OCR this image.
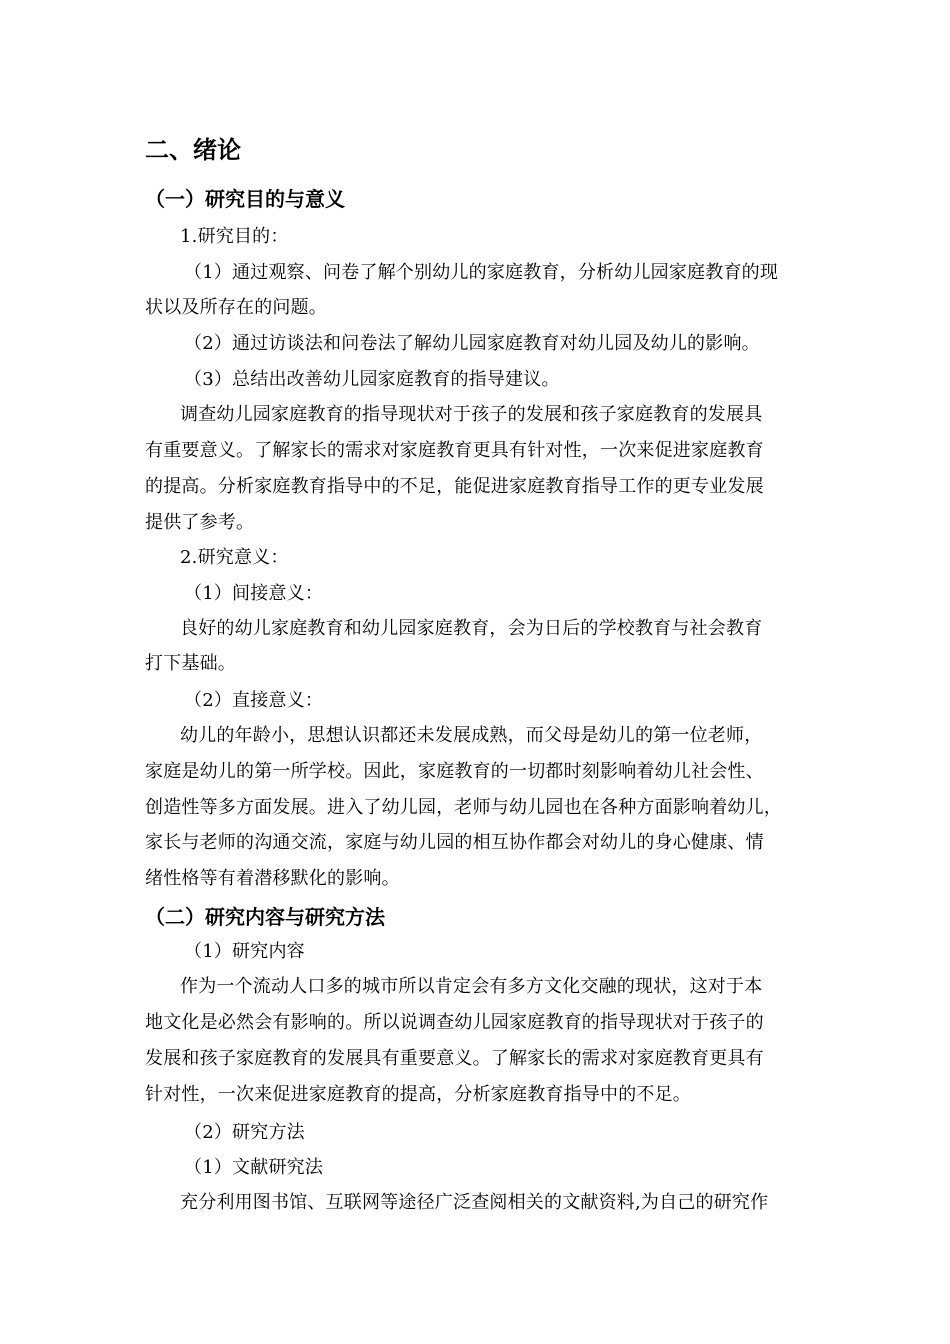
二、绪论
（一）研究目的与意义
1.研究目的：
（1）通过观察、问卷了解个别幼儿的家庭教育，分析幼儿园家庭教育的现
状以及所存在的问题。
（2）通过访谈法和问卷法了解幼儿园家庭教育对幼儿园及幼儿的影响。
（3）总结出改善幼儿园家庭教育的指导建议。
调查幼儿园家庭教育的指导现状对于孩子的发展和孩子家庭教育的发展具
有重要意义。了解家长的需求对家庭教育更具有针对性，一次来促进家庭教育
的提高。分析家庭教育指导中的不足，能促进家庭教育指导工作的更专业发展
提供了参考。
2.研究意义：
（1）间接意义：
良好的幼儿家庭教育和幼儿园家庭教育，会为日后的学校教育与社会教育
打下基础。
（2）直接意义：
幼儿的年龄小，思想认识都还未发展成熟，而父母是幼儿的第一位老师，
家庭是幼儿的第一所学校。因此，家庭教育的一切都时刻影响着幼儿社会性、
创造性等多方面发展。进入了幼儿园，老师与幼儿园也在各种方面影响着幼儿，
家长与老师的沟通交流，家庭与幼儿园的相互协作都会对幼儿的身心健康、情
绪性格等有着潜移默化的影响。
（二）研究内容与研究方法
（1）研究内容
作为一个流动人口多的城市所以肯定会有多方文化交融的现状，这对于本
地文化是必然会有影响的。所以说调查幼儿园家庭教育的指导现状对于孩子的
发展和孩子家庭教育的发展具有重要意义。了解家长的需求对家庭教育更具有
针对性，一次来促进家庭教育的提高，分析家庭教育指导中的不足。
（2）研究方法
（1）文献研究法
充分利用图书馆、互联网等途径广泛查阅相关的文献资料,为自己的研究作
